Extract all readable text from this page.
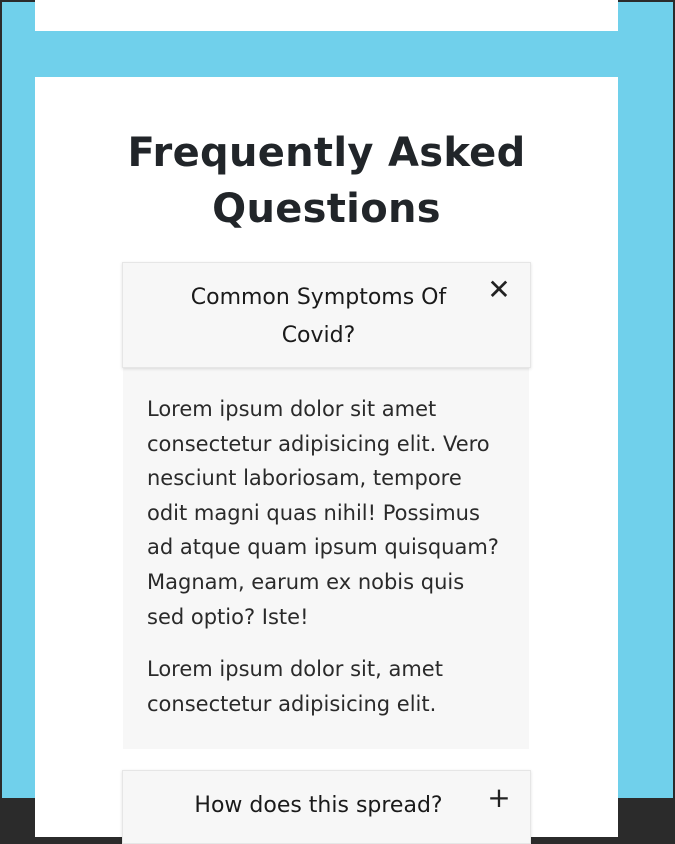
Frequently Asked Questions
Common Symptoms Of Covid?
✕

Lorem ipsum dolor sit amet consectetur adipisicing elit. Vero nesciunt laboriosam, tempore odit magni quas nihil! Possimus ad atque quam ipsum quisquam? Magnam, earum ex nobis quis sed optio? Iste!

Lorem ipsum dolor sit, amet consectetur adipisicing elit.

How does this spread?	+
